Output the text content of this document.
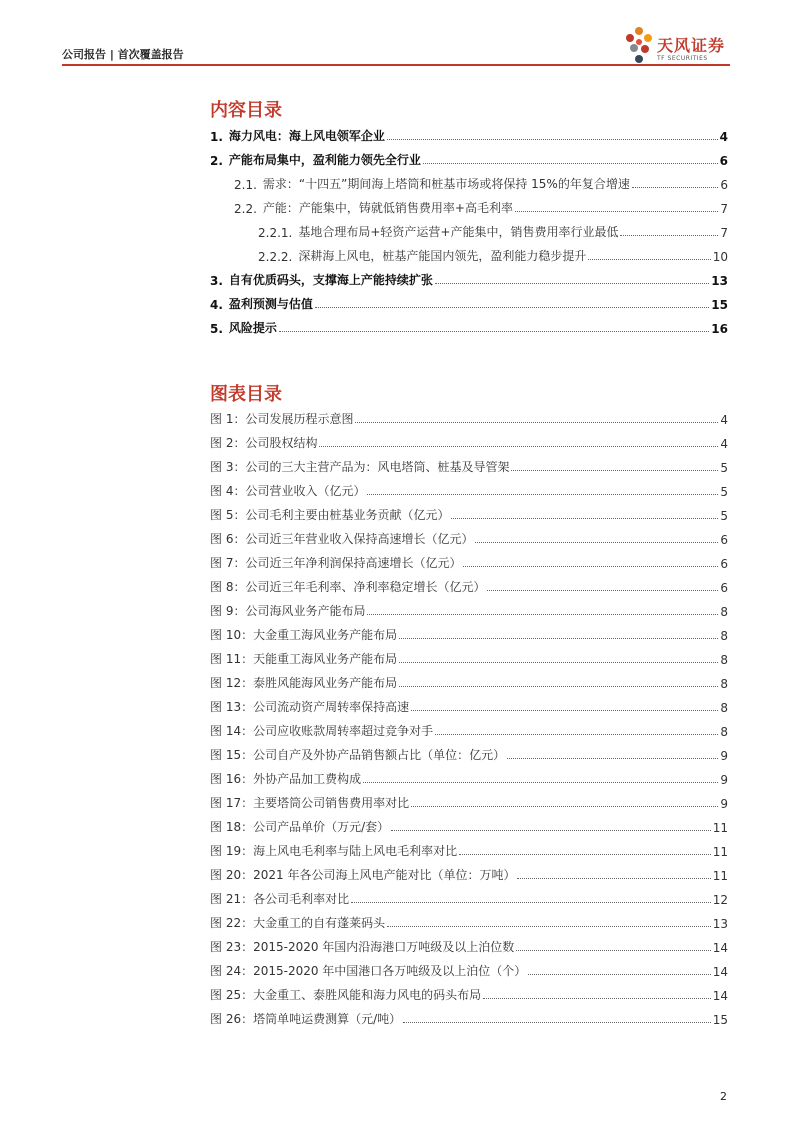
公司报告 | 首次覆盖报告	天风证券
TF SECURITIES
内容目录
1. 海力风电：海上风电领军企业	4
2. 产能布局集中，盈利能力领先全行业	6
2.1. 需求：“十四五”期间海上塔筒和桩基市场或将保持 15%的年复合增速	6
2.2. 产能：产能集中，铸就低销售费用率+高毛利率	7
2.2.1. 基地合理布局+轻资产运营+产能集中，销售费用率行业最低	7
2.2.2. 深耕海上风电，桩基产能国内领先，盈利能力稳步提升	10
3. 自有优质码头，支撑海上产能持续扩张	13
4. 盈利预测与估值	15
5. 风险提示	16
图表目录
图 1：公司发展历程示意图	4
图 2：公司股权结构	4
图 3：公司的三大主营产品为：风电塔筒、桩基及导管架	5
图 4：公司营业收入（亿元）	5
图 5：公司毛利主要由桩基业务贡献（亿元）	5
图 6：公司近三年营业收入保持高速增长（亿元）	6
图 7：公司近三年净利润保持高速增长（亿元）	6
图 8：公司近三年毛利率、净利率稳定增长（亿元）	6
图 9：公司海风业务产能布局	8
图 10：大金重工海风业务产能布局	8
图 11：天能重工海风业务产能布局	8
图 12：泰胜风能海风业务产能布局	8
图 13：公司流动资产周转率保持高速	8
图 14：公司应收账款周转率超过竞争对手	8
图 15：公司自产及外协产品销售额占比（单位：亿元）	9
图 16：外协产品加工费构成	9
图 17：主要塔筒公司销售费用率对比	9
图 18：公司产品单价（万元/套）	11
图 19：海上风电毛利率与陆上风电毛利率对比	11
图 20：2021 年各公司海上风电产能对比（单位：万吨）	11
图 21：各公司毛利率对比	12
图 22：大金重工的自有蓬莱码头	13
图 23：2015-2020 年国内沿海港口万吨级及以上泊位数	14
图 24：2015-2020 年中国港口各万吨级及以上泊位（个）	14
图 25：大金重工、泰胜风能和海力风电的码头布局	14
图 26：塔筒单吨运费测算（元/吨）	15
2
